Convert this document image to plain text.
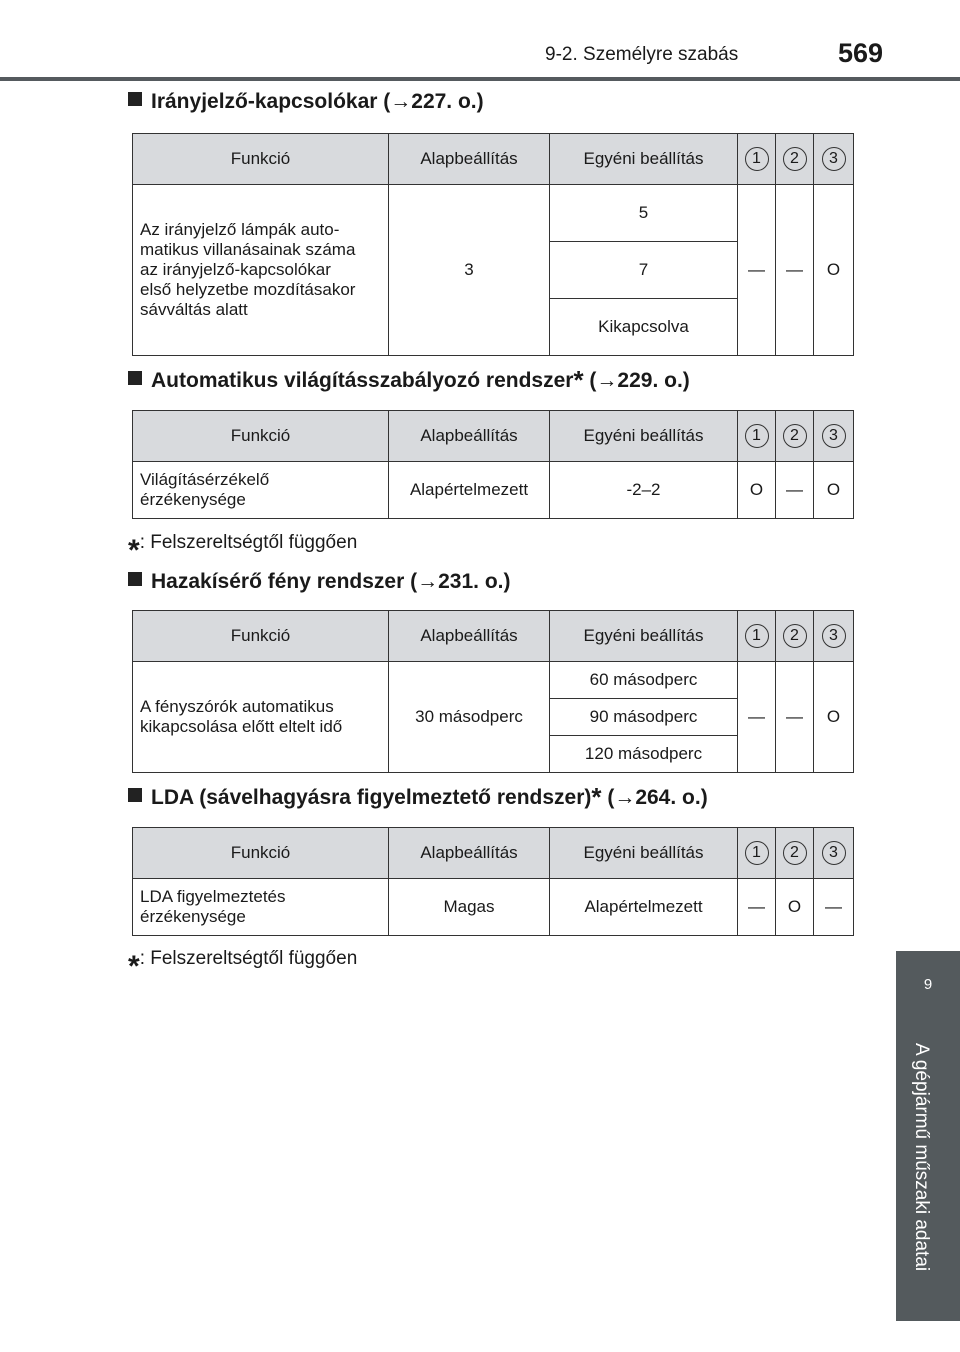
9-2. Személyre szabás	569
9
A gépjármű műszaki adatai
Irányjelző-kapcsolókar (→227. o.)
Funkció	Alapbeállítás	Egyéni beállítás	1	2	3

Az irányjelző lámpák auto-
matikus villanásainak száma
az irányjelző-kapcsolókar
első helyzetbe mozdításakor
sávváltás alatt	3	5	—	—	O
		7			
		Kikapcsolva			
Automatikus világításszabályozó rendszer* (→229. o.)
Funkció	Alapbeállítás	Egyéni beállítás	1	2	3

Világításérzékelő
érzékenysége	Alapértelmezett	-2–2	O	—	O
*: Felszereltségtől függően
Hazakísérő fény rendszer (→231. o.)
Funkció	Alapbeállítás	Egyéni beállítás	1	2	3

A fényszórók automatikus
kikapcsolása előtt eltelt idő	30 másodperc	60 másodperc	—	—	O
		90 másodperc			
		120 másodperc			
LDA (sávelhagyásra figyelmeztető rendszer)* (→264. o.)
Funkció	Alapbeállítás	Egyéni beállítás	1	2	3

LDA figyelmeztetés
érzékenysége	Magas	Alapértelmezett	—	O	—
*: Felszereltségtől függően
